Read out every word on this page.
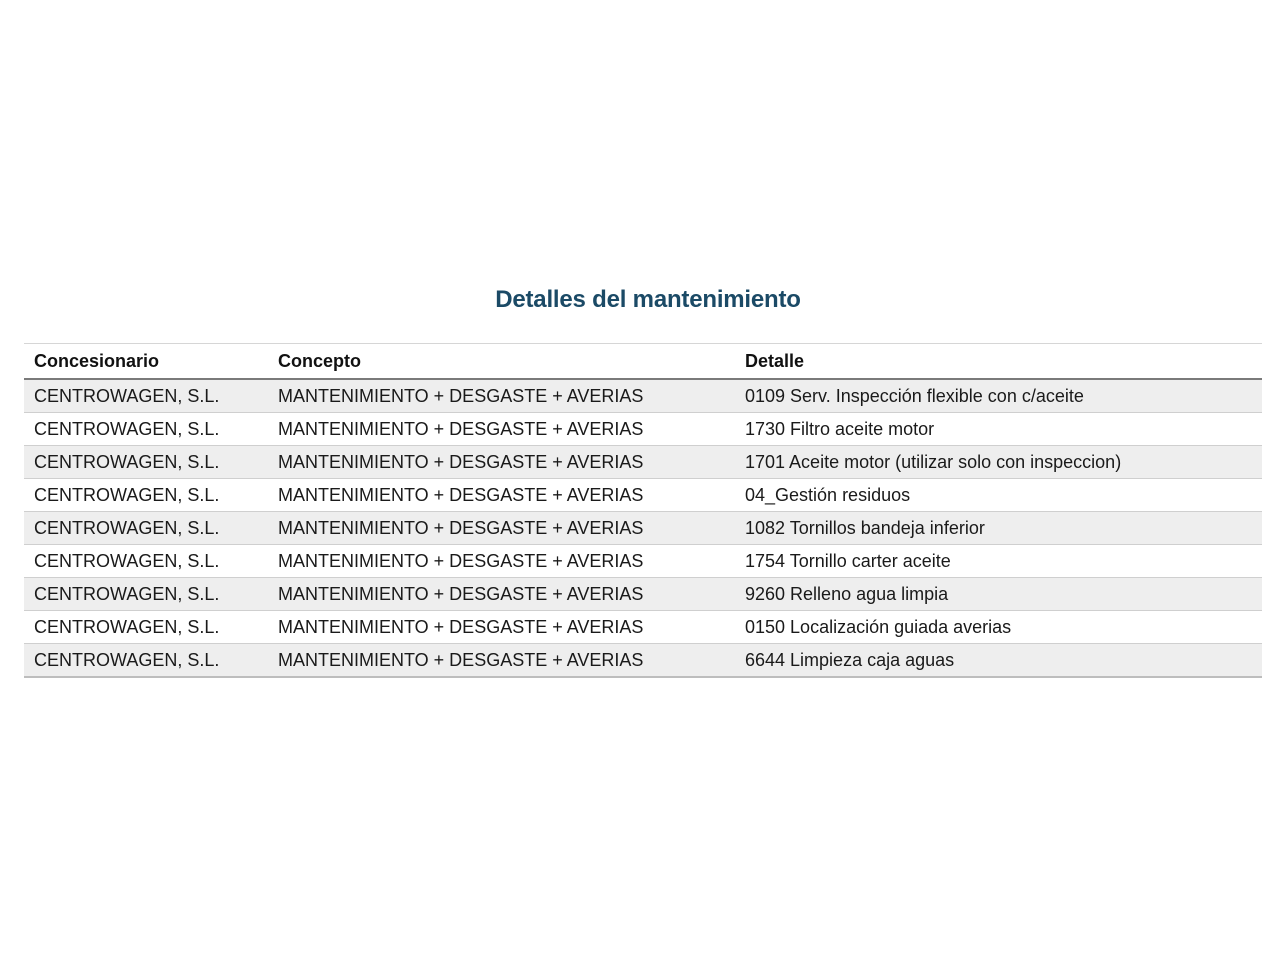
Detalles del mantenimiento
Concesionario	Concepto	Detalle
CENTROWAGEN, S.L.	MANTENIMIENTO + DESGASTE + AVERIAS	0109 Serv. Inspección flexible con c/aceite
CENTROWAGEN, S.L.	MANTENIMIENTO + DESGASTE + AVERIAS	1730 Filtro aceite motor
CENTROWAGEN, S.L.	MANTENIMIENTO + DESGASTE + AVERIAS	1701 Aceite motor (utilizar solo con inspeccion)
CENTROWAGEN, S.L.	MANTENIMIENTO + DESGASTE + AVERIAS	04_Gestión residuos
CENTROWAGEN, S.L.	MANTENIMIENTO + DESGASTE + AVERIAS	1082 Tornillos bandeja inferior
CENTROWAGEN, S.L.	MANTENIMIENTO + DESGASTE + AVERIAS	1754 Tornillo carter aceite
CENTROWAGEN, S.L.	MANTENIMIENTO + DESGASTE + AVERIAS	9260 Relleno agua limpia
CENTROWAGEN, S.L.	MANTENIMIENTO + DESGASTE + AVERIAS	0150 Localización guiada averias
CENTROWAGEN, S.L.	MANTENIMIENTO + DESGASTE + AVERIAS	6644 Limpieza caja aguas
